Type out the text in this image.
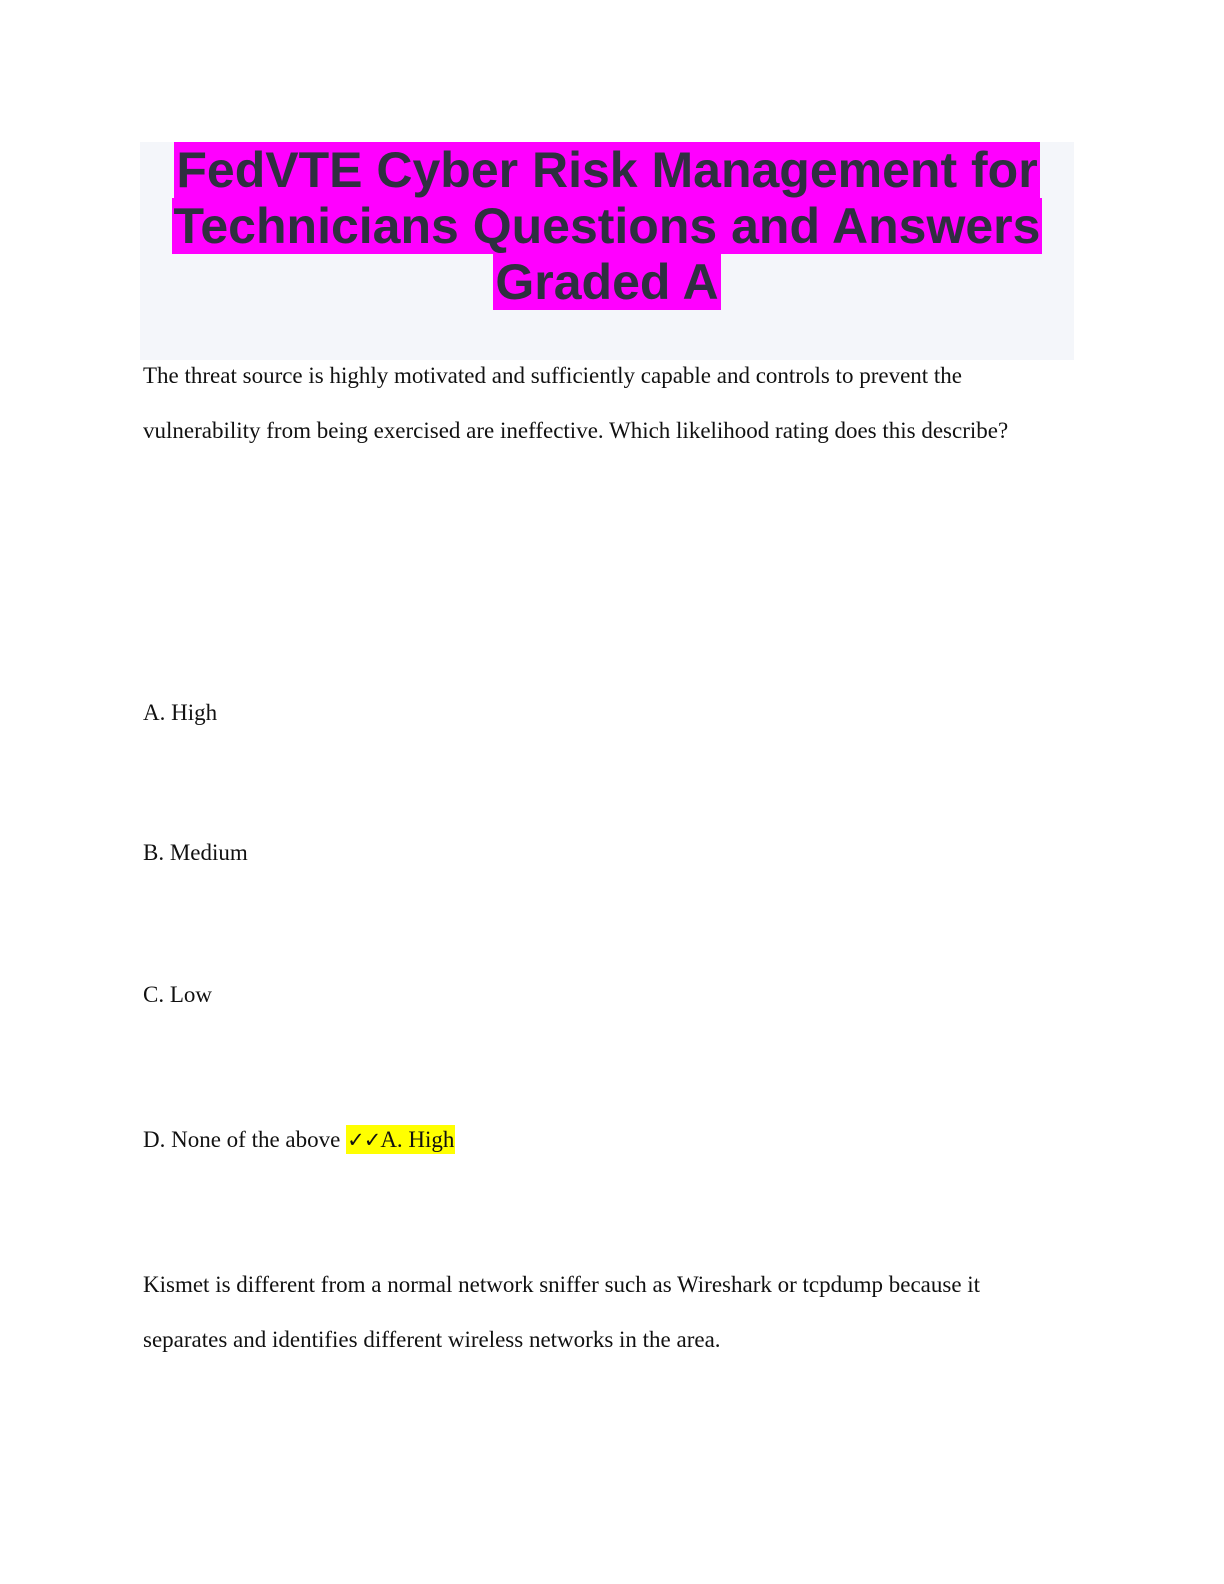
FedVTE Cyber Risk Management for
Technicians Questions and Answers
Graded A

The threat source is highly motivated and sufficiently capable and controls to prevent the vulnerability from being exercised are ineffective. Which likelihood rating does this describe?

A. High

B. Medium

C. Low

D. None of the above ✓✓A. High

Kismet is different from a normal network sniffer such as Wireshark or tcpdump because it separates and identifies different wireless networks in the area.
